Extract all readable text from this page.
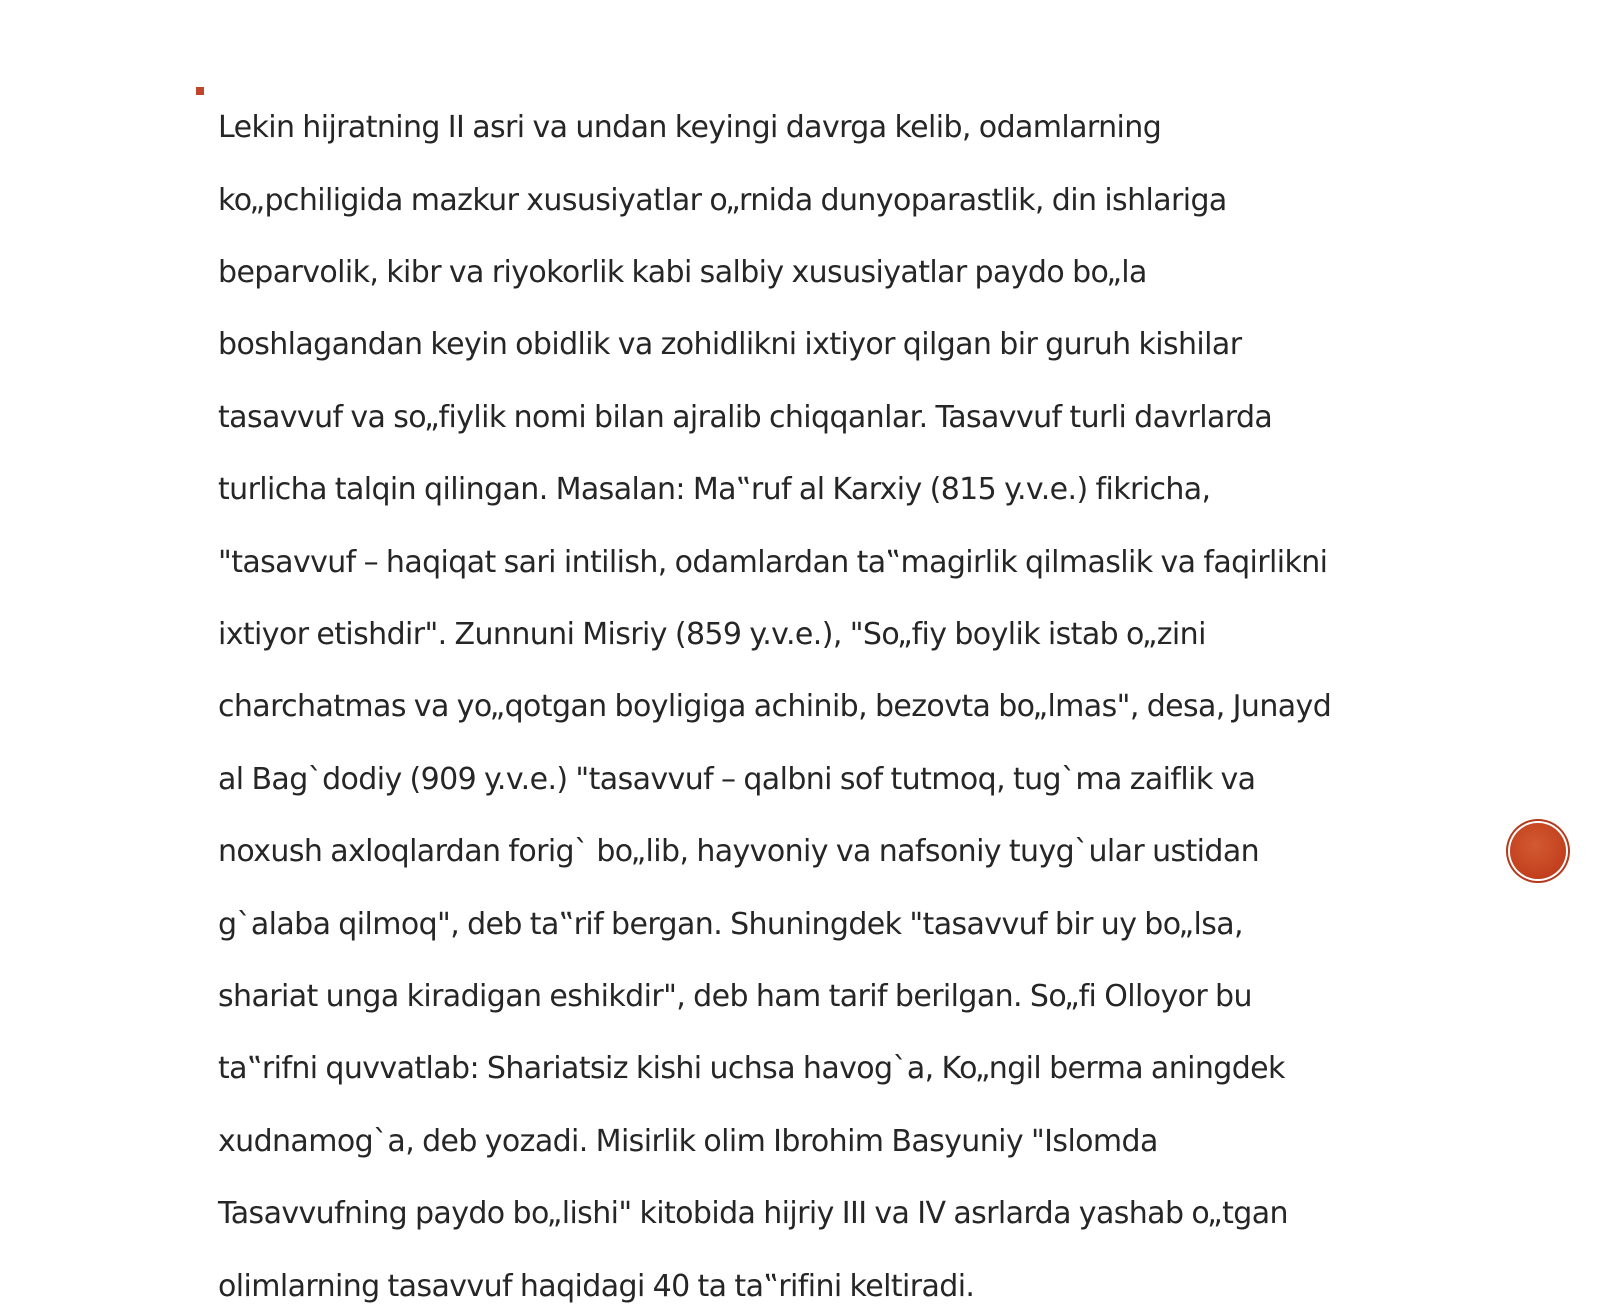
Lekin hijratning II asri va undan keyingi davrga kelib, odamlarning

ko„pchiligida mazkur xususiyatlar o„rnida dunyoparastlik, din ishlariga

beparvolik, kibr va riyokorlik kabi salbiy xususiyatlar paydo bo„la

boshlagandan keyin obidlik va zohidlikni ixtiyor qilgan bir guruh kishilar

tasavvuf va so„fiylik nomi bilan ajralib chiqqanlar. Tasavvuf turli davrlarda

turlicha talqin qilingan. Masalan: Ma‟ruf al Karxiy (815 y.v.e.) fikricha,

"tasavvuf – haqiqat sari intilish, odamlardan ta‟magirlik qilmaslik va faqirlikni

ixtiyor etishdir". Zunnuni Misriy (859 y.v.e.), "So„fiy boylik istab o„zini

charchatmas va yo„qotgan boyligiga achinib, bezovta bo„lmas", desa, Junayd

al Bag`dodiy (909 y.v.e.) "tasavvuf – qalbni sof tutmoq, tug`ma zaiflik va

noxush axloqlardan forig` bo„lib, hayvoniy va nafsoniy tuyg`ular ustidan

g`alaba qilmoq", deb ta‟rif bergan. Shuningdek "tasavvuf bir uy bo„lsa,

shariat unga kiradigan eshikdir", deb ham tarif berilgan. So„fi Olloyor bu

ta‟rifni quvvatlab: Shariatsiz kishi uchsa havog`a, Ko„ngil berma aningdek

xudnamog`a, deb yozadi. Misirlik olim Ibrohim Basyuniy "Islomda

Tasavvufning paydo bo„lishi" kitobida hijriy III va IV asrlarda yashab o„tgan

olimlarning tasavvuf haqidagi 40 ta ta‟rifini keltiradi.
